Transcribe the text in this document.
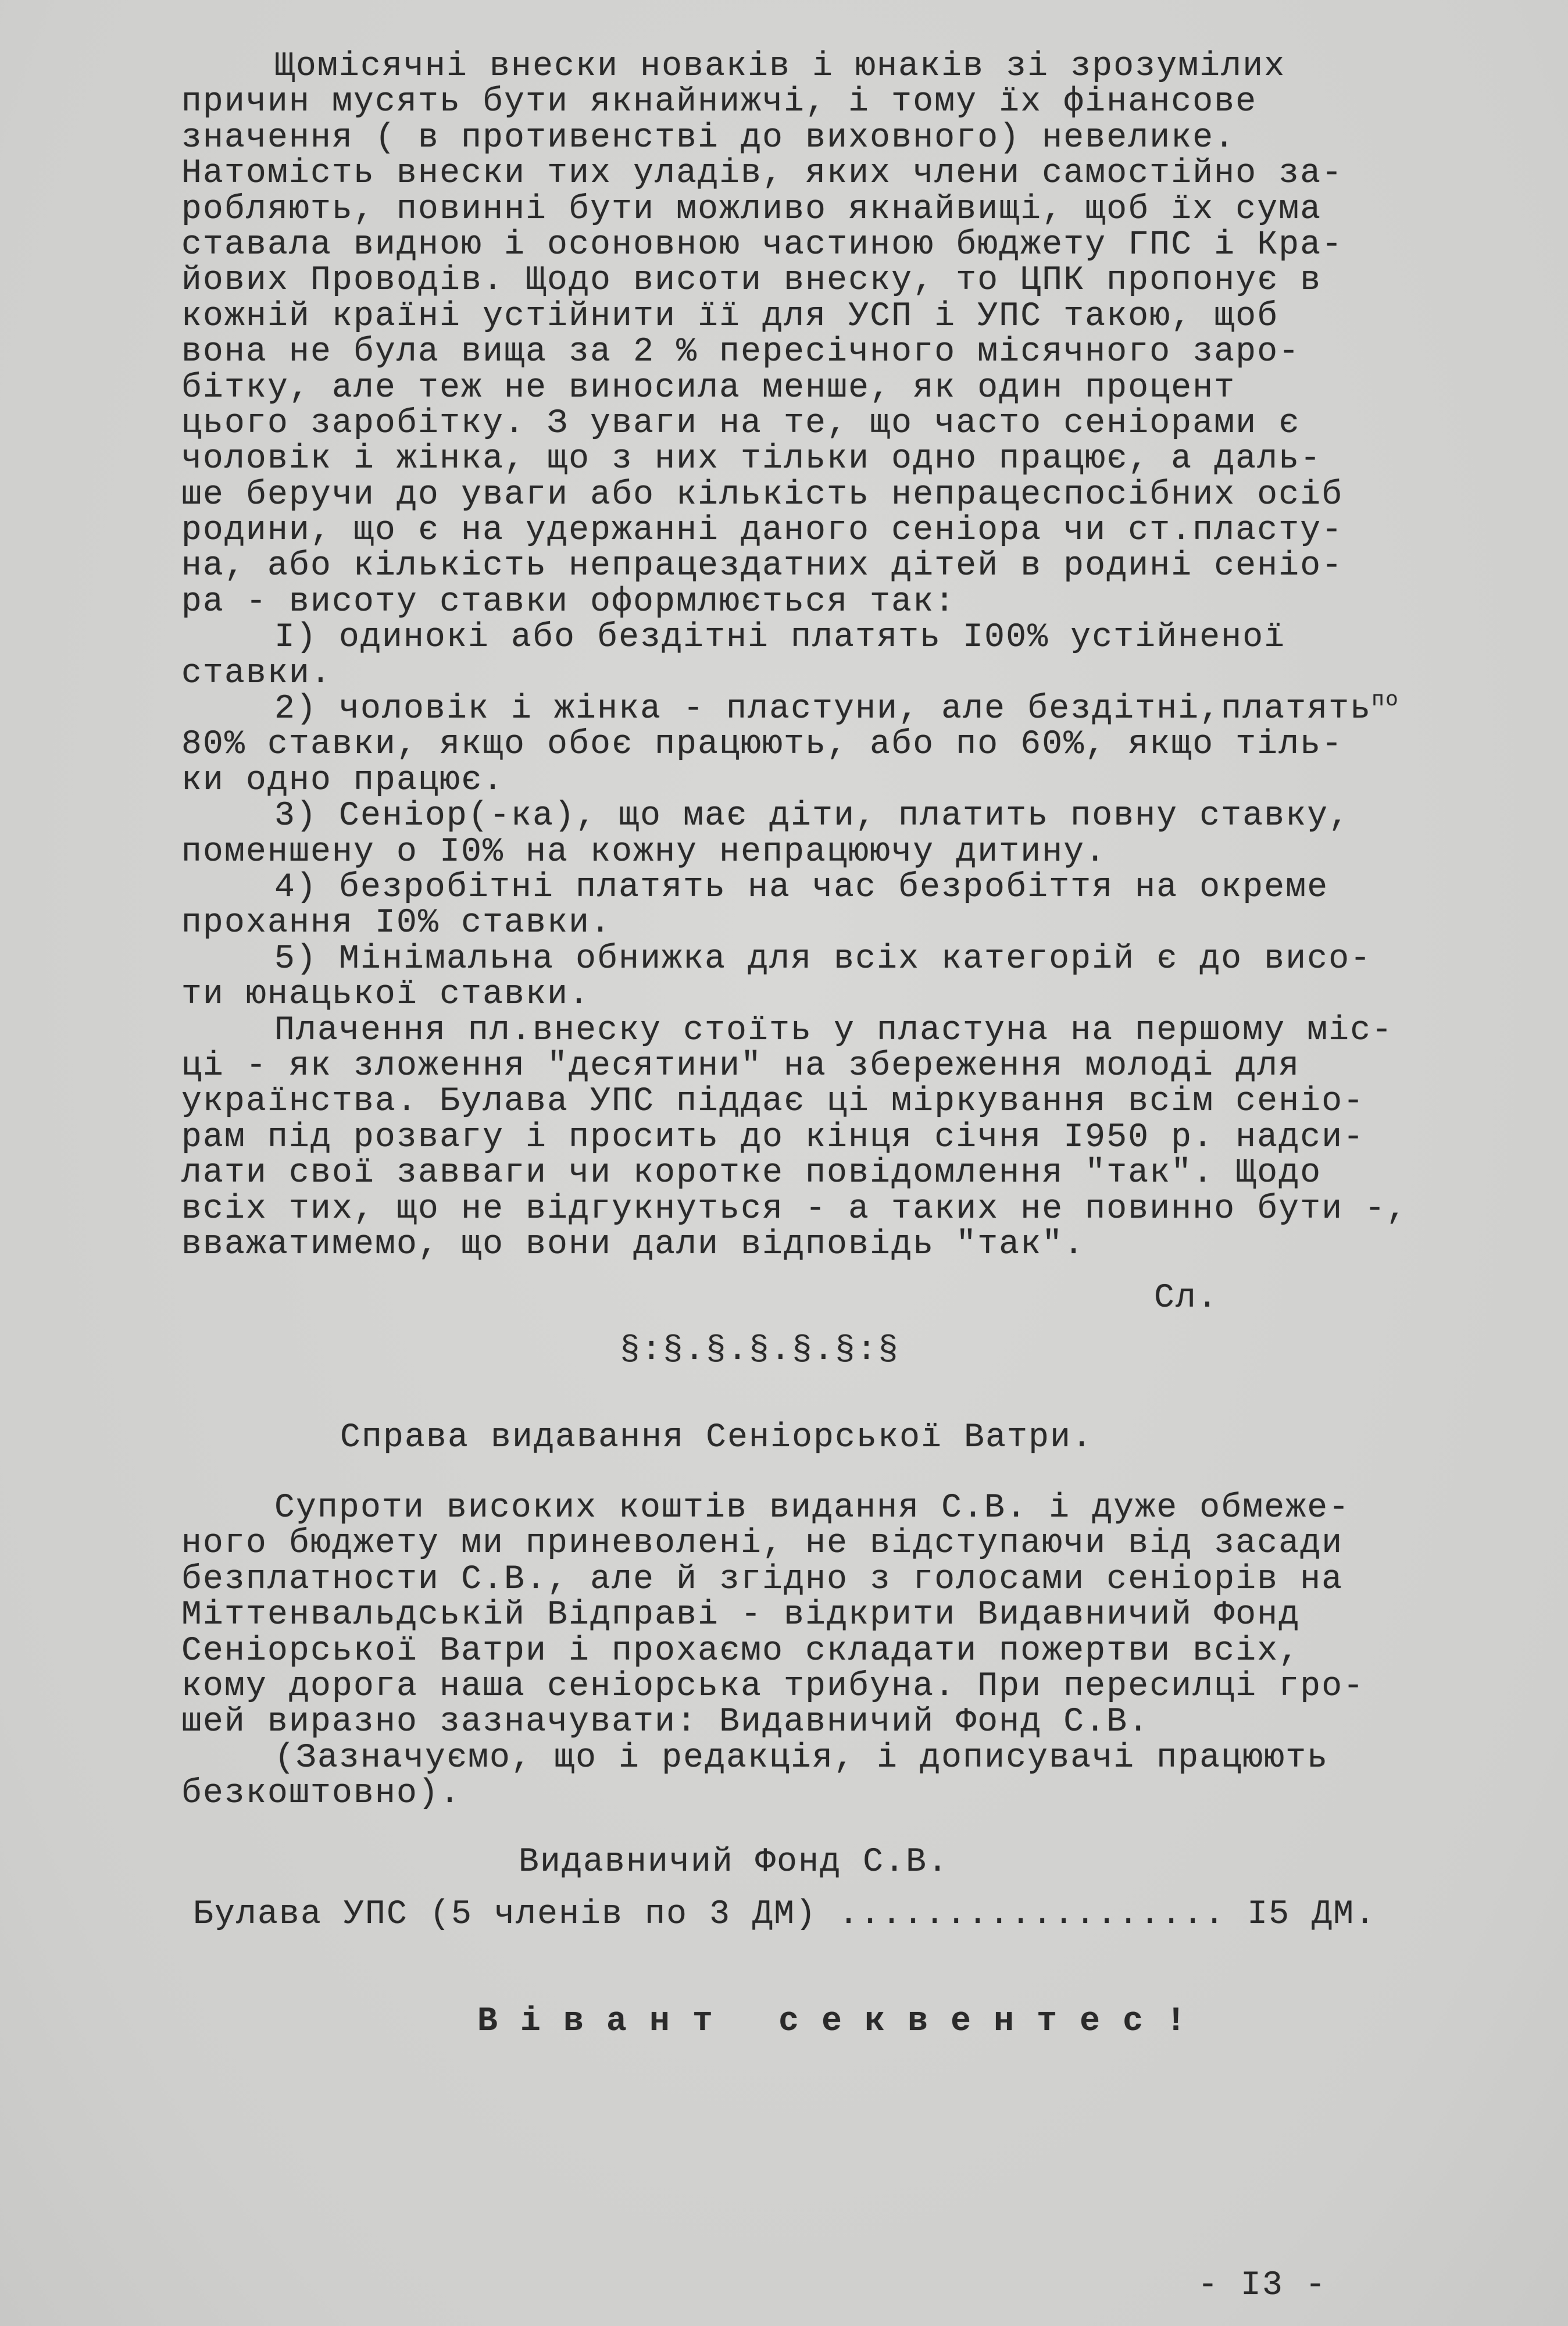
Щомісячні внески новаків і юнаків зі зрозумілих
причин мусять бути якнайнижчі, і тому їх фінансове
значення ( в противенстві до виховного) невелике.
Натомість внески тих уладів, яких члени самостійно за-
робляють, повинні бути можливо якнайвищі, щоб їх сума
ставала видною і осоновною частиною бюджету ГПС і Кра-
йових Проводів. Щодо висоти внеску, то ЦПК пропонує в
кожній країні устійнити її для УСП і УПС такою, щоб
вона не була вища за 2 % пересічного місячного заро-
бітку, але теж не виносила менше, як один процент
цього заробітку. З уваги на те, що часто сеніорами є
чоловік і жінка, що з них тільки одно працює, а даль-
ше беручи до уваги або кількість непрацеспосібних осіб
родини, що є на удержанні даного сеніора чи ст.пласту-
на, або кількість непрацездатних дітей в родині сеніо-
ра - висоту ставки оформлюється так:
I) одинокі або бездітні платять I00% устійненої
ставки.
2) чоловік і жінка - пластуни, але бездітні,платять$^{по}$
80% ставки, якщо обоє працюють, або по 60%, якщо тіль-
ки одно працює.
3) Сеніор(-ка), що має діти, платить повну ставку,
поменшену о I0% на кожну непрацюючу дитину.
4) безробітні платять на час безробіття на окреме
прохання I0% ставки.
5) Мінімальна обнижка для всіх категорій є до висо-
ти юнацької ставки.
Плачення пл.внеску стоїть у пластуна на першому міс-
ці - як зложення "десятини" на збереження молоді для
українства. Булава УПС піддає ці міркування всім сеніо-
рам під розвагу і просить до кінця січня I950 р. надси-
лати свої завваги чи коротке повідомлення "так". Щодо
всіх тих, що не відгукнуться - а таких не повинно бути -,
вважатимемо, що вони дали відповідь "так".
Сл.
§:§.§.§.§.§:§
Справа видавання Сеніорської Ватри.
Супроти високих коштів видання С.В. і дуже обмеже-
ного бюджету ми приневолені, не відступаючи від засади
безплатности С.В., але й згідно з голосами сеніорів на
Міттенвальдській Відправі - відкрити Видавничий Фонд
Сеніорської Ватри і прохаємо складати пожертви всіх,
кому дорога наша сеніорська трибуна. При пересилці гро-
шей виразно зазначувати: Видавничий Фонд С.В.
(Зазначуємо, що і редакція, і дописувачі працюють
безкоштовно).
Видавничий Фонд С.В.
Булава УПС (5 членів по 3 ДМ) .................. I5 ДМ.
В і в а н т   с е к в е н т е с !
- I3 -
